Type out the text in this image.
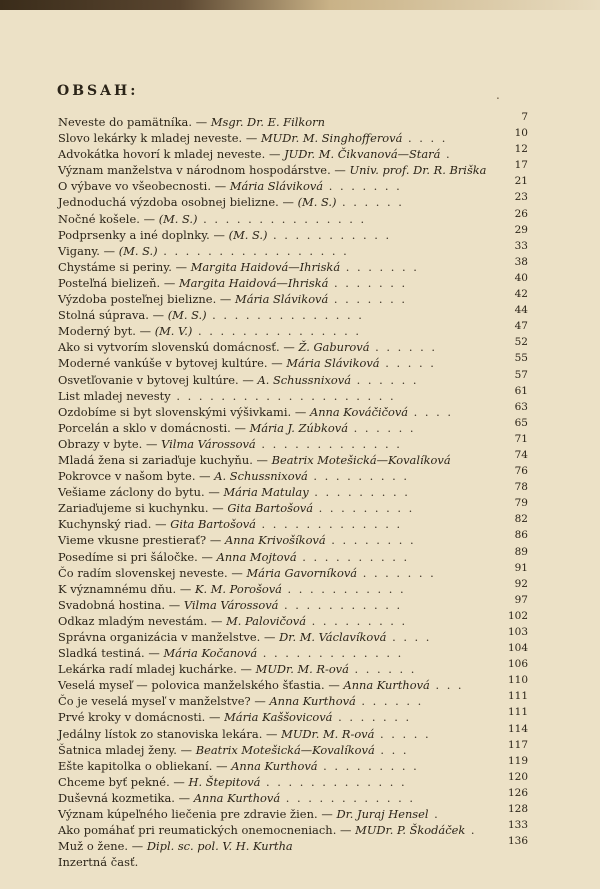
OBSAH:	.
Neveste do pamätníka. — Msgr. Dr. E. Filkorn	7
Slovo lekárky k mladej neveste. — MUDr. M. Singhofferová . . . .	10
Advokátka hovorí k mladej neveste. — JUDr. M. Čikvanová—Stará .	12
Význam manželstva v národnom hospodárstve. — Univ. prof. Dr. R. Briška	17
O výbave vo všeobecnosti. — Mária Sláviková . . . . . . .	21
Jednoduchá výzdoba osobnej bielizne. — (M. S.) . . . . . .	23
Nočné košele. — (M. S.) . . . . . . . . . . . . . . .	26
Podprsenky a iné doplnky. — (M. S.) . . . . . . . . . . .	29
Vigany. — (M. S.) . . . . . . . . . . . . . . . . .	33
Chystáme si periny. — Margita Haidová—Ihriská . . . . . . .	38
Posteľná bielizeň. — Margita Haidová—Ihriská . . . . . . .	40
Výzdoba posteľnej bielizne. — Mária Sláviková . . . . . . .	42
Stolná súprava. — (M. S.) . . . . . . . . . . . . . .	44
Moderný byt. — (M. V.) . . . . . . . . . . . . . . .	47
Ako si vytvorím slovenskú domácnosť. — Ž. Gaburová . . . . . .	52
Moderné vankúše v bytovej kultúre. — Mária Sláviková . . . . .	55
Osvetľovanie v bytovej kultúre. — A. Schussnixová . . . . . .	57
List mladej nevesty . . . . . . . . . . . . . . . . . . . .	61
Ozdobíme si byt slovenskými výšivkami. — Anna Kováčičová . . . .	63
Porcelán a sklo v domácnosti. — Mária J. Zúbková . . . . . .	65
Obrazy v byte. — Vilma Várossová . . . . . . . . . . . . .	71
Mladá žena si zariaďuje kuchyňu. — Beatrix Motešická—Kovalíková	74
Pokrovce v našom byte. — A. Schussnixová . . . . . . . . .	76
Vešiame záclony do bytu. — Mária Matulay . . . . . . . . .	78
Zariaďujeme si kuchynku. — Gita Bartošová . . . . . . . . .	79
Kuchynský riad. — Gita Bartošová . . . . . . . . . . . . .	82
Vieme vkusne prestierať? — Anna Krivošíková . . . . . . . .	86
Posedíme si pri šáločke. — Anna Mojtová . . . . . . . . . .	89
Čo radím slovenskej neveste. — Mária Gavorníková . . . . . . .	91
K významnému dňu. — K. M. Porošová . . . . . . . . . . .	92
Svadobná hostina. — Vilma Várossová . . . . . . . . . . .	97
Odkaz mladým nevestám. — M. Palovičová . . . . . . . . .	102
Správna organizácia v manželstve. — Dr. M. Václavíková . . . .	103
Sladká testiná. — Mária Kočanová . . . . . . . . . . . . .	104
Lekárka radí mladej kuchárke. — MUDr. M. R-ová . . . . . .	106
Veselá myseľ — polovica manželského šťastia. — Anna Kurthová . . .	110
Čo je veselá myseľ v manželstve? — Anna Kurthová . . . . . .	111
Prvé kroky v domácnosti. — Mária Kaššovicová . . . . . . .	111
Jedálny lístok zo stanoviska lekára. — MUDr. M. R-ová . . . . .	114
Šatnica mladej ženy. — Beatrix Motešická—Kovalíková . . .	117
Ešte kapitolka o obliekaní. — Anna Kurthová . . . . . . . . .	119
Chceme byť pekné. — H. Štepitová . . . . . . . . . . . . .	120
Duševná kozmetika. — Anna Kurthová . . . . . . . . . . . .	126
Význam kúpeľného liečenia pre zdravie žien. — Dr. Juraj Hensel .	128
Ako pomáhať pri reumatických onemocneniach. — MUDr. P. Škodáček .	133
Muž o žene. — Dipl. sc. pol. V. H. Kurtha	136
Inzertná časť.
